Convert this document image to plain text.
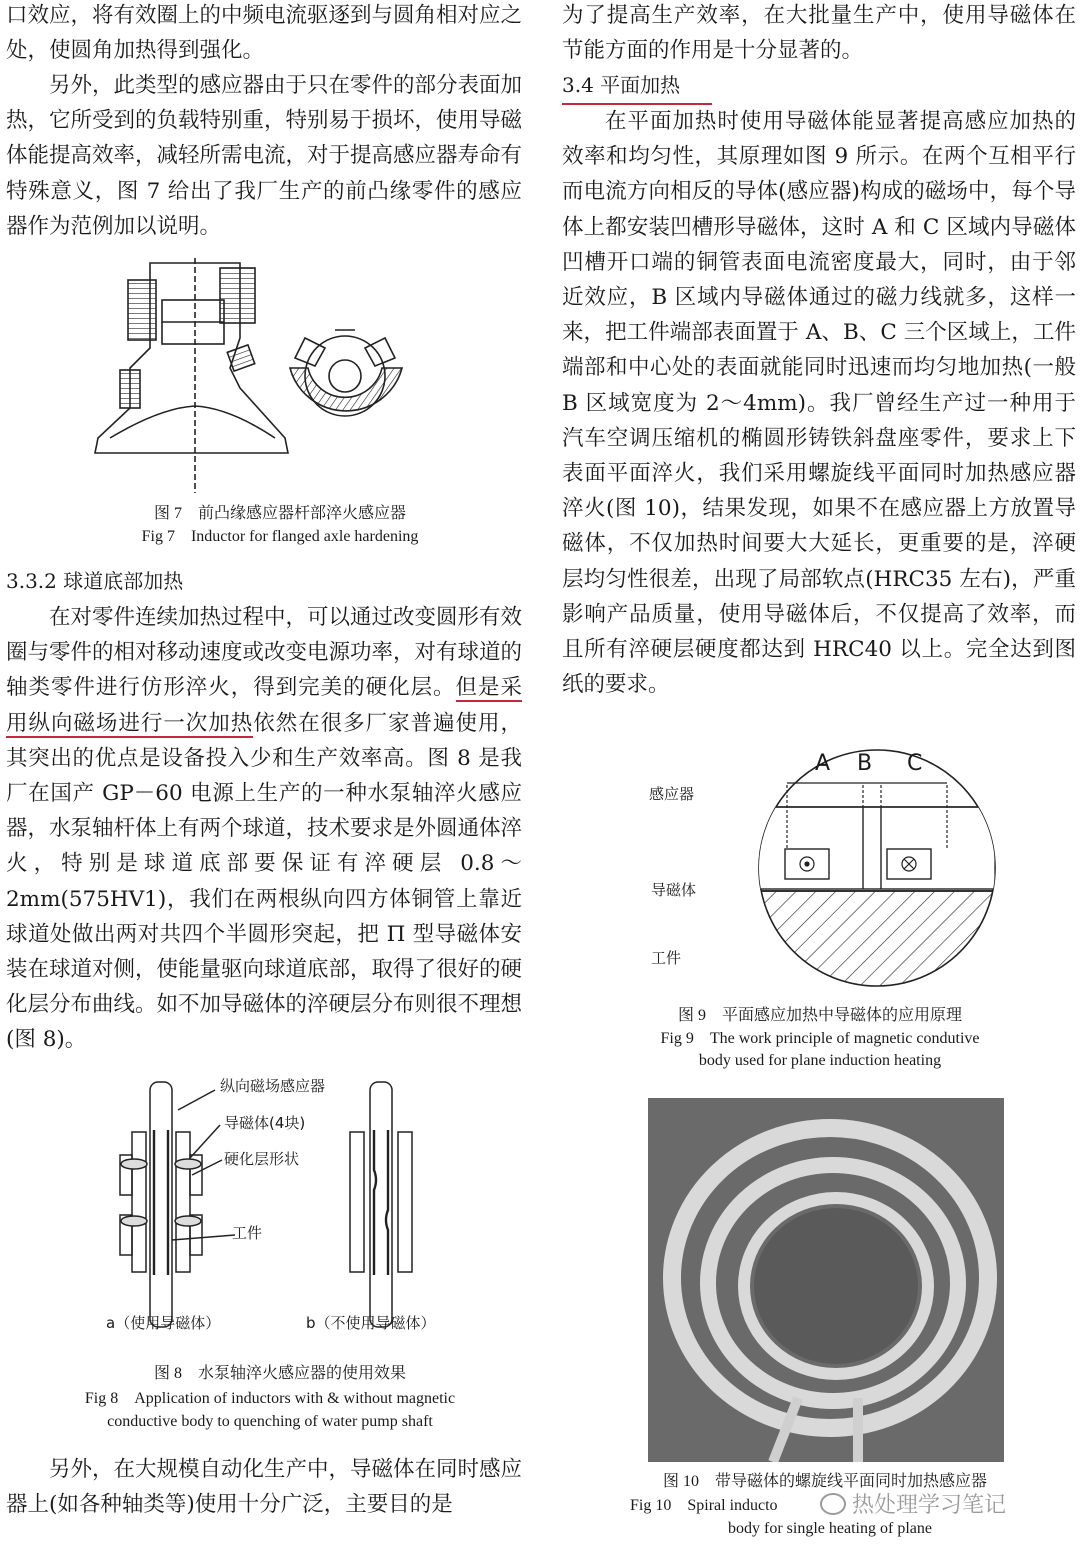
口效应，将有效圈上的中频电流驱逐到与圆角相对应之处，使圆角加热得到强化。

另外，此类型的感应器由于只在零件的部分表面加热，它所受到的负载特别重，特别易于损坏，使用导磁体能提高效率，减轻所需电流，对于提高感应器寿命有特殊意义，图 7 给出了我厂生产的前凸缘零件的感应器作为范例加以说明。

图 7　前凸缘感应器杆部淬火感应器
Fig 7　Inductor for flanged axle hardening

3.3.2 球道底部加热

在对零件连续加热过程中，可以通过改变圆形有效圈与零件的相对移动速度或改变电源功率，对有球道的轴类零件进行仿形淬火，得到完美的硬化层。但是采用纵向磁场进行一次加热依然在很多厂家普遍使用，其突出的优点是设备投入少和生产效率高。图 8 是我厂在国产 GP－60 电源上生产的一种水泵轴淬火感应器，水泵轴杆体上有两个球道，技术要求是外圆通体淬火，特别是球道底部要保证有淬硬层 0.8～2mm(575HV1)，我们在两根纵向四方体铜管上靠近球道处做出两对共四个半圆形突起，把 Π 型导磁体安装在球道对侧，使能量驱向球道底部，取得了很好的硬化层分布曲线。如不加导磁体的淬硬层分布则很不理想(图 8)。

纵向磁场感应器
导磁体(4块)
硬化层形状
工件
a（使用导磁体）	b（不使用导磁体）
图 8　水泵轴淬火感应器的使用效果
Fig 8　Application of inductors with & without magnetic
conductive body to quenching of water pump shaft

另外，在大规模自动化生产中，导磁体在同时感应器上(如各种轴类等)使用十分广泛，主要目的是

为了提高生产效率，在大批量生产中，使用导磁体在节能方面的作用是十分显著的。

3.4 平面加热

在平面加热时使用导磁体能显著提高感应加热的效率和均匀性，其原理如图 9 所示。在两个互相平行而电流方向相反的导体(感应器)构成的磁场中，每个导体上都安装凹槽形导磁体，这时 A 和 C 区域内导磁体凹槽开口端的铜管表面电流密度最大，同时，由于邻近效应，B 区域内导磁体通过的磁力线就多，这样一来，把工件端部表面置于 A、B、C 三个区域上，工件端部和中心处的表面就能同时迅速而均匀地加热(一般 B 区域宽度为 2～4mm)。我厂曾经生产过一种用于汽车空调压缩机的椭圆形铸铁斜盘座零件，要求上下表面平面淬火，我们采用螺旋线平面同时加热感应器淬火(图 10)，结果发现，如果不在感应器上方放置导磁体，不仅加热时间要大大延长，更重要的是，淬硬层均匀性很差，出现了局部软点(HRC35 左右)，严重影响产品质量，使用导磁体后，不仅提高了效率，而且所有淬硬层硬度都达到 HRC40 以上。完全达到图纸的要求。

A B C
感应器
导磁体
工件
图 9　平面感应加热中导磁体的应用原理
Fig 9　The work principle of magnetic condutive
body used for plane induction heating
图 10　带导磁体的螺旋线平面同时加热感应器
Fig 10　Spiral inducto
body for single heating of plane
热处理学习笔记
